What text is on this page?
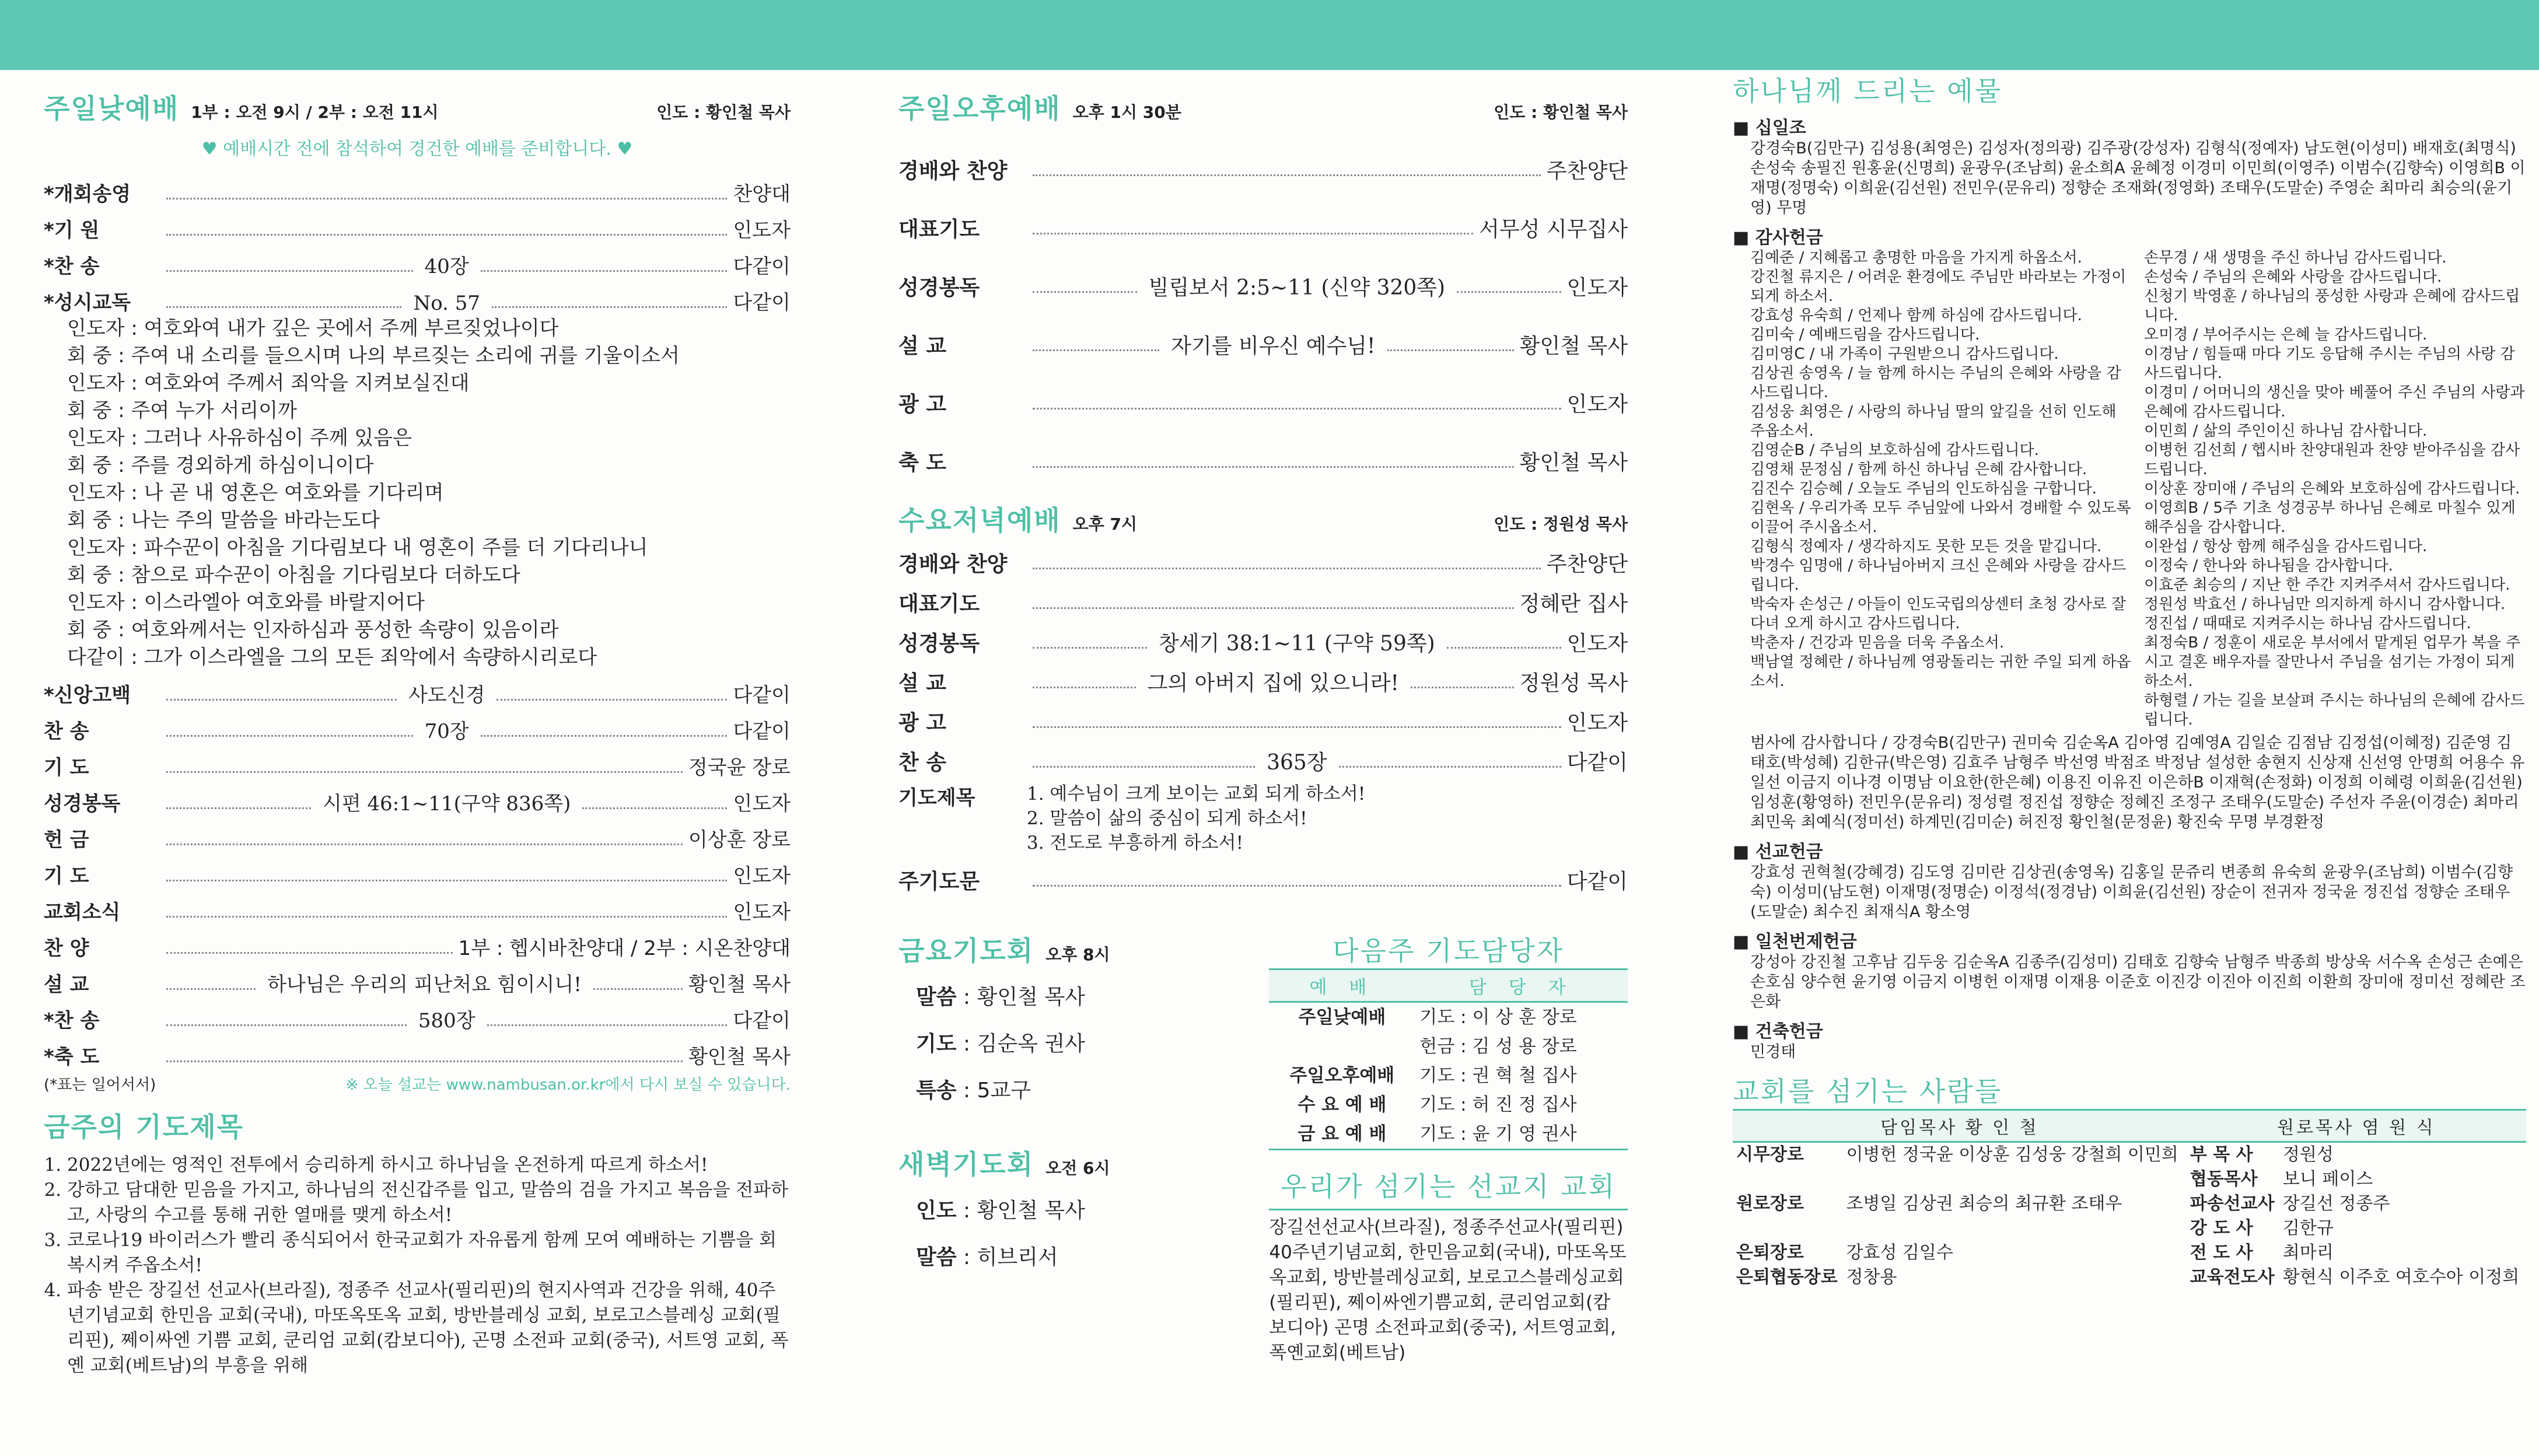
주일낮예배 1부 : 오전 9시 / 2부 : 오전 11시	인도 : 황인철 목사
♥ 예배시간 전에 참석하여 경건한 예배를 준비합니다. ♥
*개회송영	찬양대
*기 원	인도자
*찬 송	40장	다같이
*성시교독	No. 57	다같이
인도자 : 여호와여 내가 깊은 곳에서 주께 부르짖었나이다
회 중 : 주여 내 소리를 들으시며 나의 부르짖는 소리에 귀를 기울이소서
인도자 : 여호와여 주께서 죄악을 지켜보실진대
회 중 : 주여 누가 서리이까
인도자 : 그러나 사유하심이 주께 있음은
회 중 : 주를 경외하게 하심이니이다
인도자 : 나 곧 내 영혼은 여호와를 기다리며
회 중 : 나는 주의 말씀을 바라는도다
인도자 : 파수꾼이 아침을 기다림보다 내 영혼이 주를 더 기다리나니
회 중 : 참으로 파수꾼이 아침을 기다림보다 더하도다
인도자 : 이스라엘아 여호와를 바랄지어다
회 중 : 여호와께서는 인자하심과 풍성한 속량이 있음이라
다같이 : 그가 이스라엘을 그의 모든 죄악에서 속량하시리로다
*신앙고백	사도신경	다같이
찬 송	70장	다같이
기 도	정국윤 장로
성경봉독	시편 46:1~11(구약 836쪽)	인도자
헌 금	이상훈 장로
기 도	인도자
교회소식	인도자
찬 양	1부 : 헵시바찬양대 / 2부 : 시온찬양대
설 교	하나님은 우리의 피난처요 힘이시니!	황인철 목사
*찬 송	580장	다같이
*축 도	황인철 목사
(*표는 일어서서)	※ 오늘 설교는 www.nambusan.or.kr에서 다시 보실 수 있습니다.
금주의 기도제목
1. 2022년에는 영적인 전투에서 승리하게 하시고 하나님을 온전하게 따르게 하소서!
2. 강하고 담대한 믿음을 가지고, 하나님의 전신갑주를 입고, 말씀의 검을 가지고 복음을 전파하고, 사랑의 수고를 통해 귀한 열매를 맺게 하소서!
3. 코로나19 바이러스가 빨리 종식되어서 한국교회가 자유롭게 함께 모여 예배하는 기쁨을 회복시켜 주옵소서!
4. 파송 받은 장길선 선교사(브라질), 정종주 선교사(필리핀)의 현지사역과 건강을 위해, 40주년기념교회 한민음 교회(국내), 마또옥또옥 교회, 방반블레싱 교회, 보로고스블레싱 교회(필리핀), 쩨이싸엔 기쁨 교회, 쿤리엄 교회(캄보디아), 곤명 소전파 교회(중국), 서트영 교회, 폭옌 교회(베트남)의 부흥을 위해
주일오후예배 오후 1시 30분	인도 : 황인철 목사
경배와 찬양	주찬양단
대표기도	서무성 시무집사
성경봉독	빌립보서 2:5~11 (신약 320쪽)	인도자
설 교	자기를 비우신 예수님!	황인철 목사
광 고	인도자
축 도	황인철 목사
수요저녁예배 오후 7시	인도 : 정원성 목사
경배와 찬양	주찬양단
대표기도	정혜란 집사
성경봉독	창세기 38:1~11 (구약 59쪽)	인도자
설 교	그의 아버지 집에 있으니라!	정원성 목사
광 고	인도자
찬 송	365장	다같이
기도제목	1. 예수님이 크게 보이는 교회 되게 하소서!
2. 말씀이 삶의 중심이 되게 하소서!
3. 전도로 부흥하게 하소서!
주기도문	다같이
금요기도회 오후 8시
말씀 : 황인철 목사
기도 : 김순옥 권사
특송 : 5교구
새벽기도회 오전 6시
인도 : 황인철 목사
말씀 : 히브리서
다음주 기도담당자
예 배	담 당 자
주일낮예배	기도 : 이 상 훈 장로
	헌금 : 김 성 용 장로
주일오후예배	기도 : 권 혁 철 집사
수 요 예 배	기도 : 허 진 정 집사
금 요 예 배	기도 : 윤 기 영 권사
우리가 섬기는 선교지 교회
장길선선교사(브라질), 정종주선교사(필리핀) 40주년기념교회, 한민음교회(국내), 마또옥또옥교회, 방반블레싱교회, 보로고스블레싱교회(필리핀), 쩨이싸엔기쁨교회, 쿤리엄교회(캄보디아) 곤명 소전파교회(중국), 서트영교회, 폭옌교회(베트남)
하나님께 드리는 예물
■ 십일조
강경숙B(김만구) 김성용(최영은) 김성자(정의광) 김주광(강성자) 김형식(정예자) 남도현(이성미) 배재호(최명식) 손성숙 송필진 원홍윤(신명희) 윤광우(조남희) 윤소희A 윤혜정 이경미 이민희(이영주) 이범수(김향숙) 이영희B 이재명(정명숙) 이희윤(김선원) 전민우(문유리) 정향순 조재화(정영화) 조태우(도말순) 주영순 최마리 최승의(윤기영) 무명
■ 감사헌금
김예준 / 지혜롭고 총명한 마음을 가지게 하옵소서.
강진철 류지은 / 어려운 환경에도 주님만 바라보는 가정이 되게 하소서.
강효성 유숙희 / 언제나 함께 하심에 감사드립니다.
김미숙 / 예배드림을 감사드립니다.
김미영C / 내 가족이 구원받으니 감사드립니다.
김상권 송영옥 / 늘 함께 하시는 주님의 은혜와 사랑을 감사드립니다.
김성웅 최영은 / 사랑의 하나님 딸의 앞길을 선히 인도해 주옵소서.
김영순B / 주님의 보호하심에 감사드립니다.
김영채 문정심 / 함께 하신 하나님 은혜 감사합니다.
김진수 김승혜 / 오늘도 주님의 인도하심을 구합니다.
김현옥 / 우리가족 모두 주님앞에 나와서 경배할 수 있도록 이끌어 주시옵소서.
김형식 정예자 / 생각하지도 못한 모든 것을 맡깁니다.
박경수 임명애 / 하나님아버지 크신 은혜와 사랑을 감사드립니다.
박숙자 손성근 / 아들이 인도국립의상센터 초청 강사로 잘다녀 오게 하시고 감사드립니다.
박춘자 / 건강과 믿음을 더욱 주옵소서.
백남열 정혜란 / 하나님께 영광돌리는 귀한 주일 되게 하옵소서.
손무경 / 새 생명을 주신 하나님 감사드립니다.
손성숙 / 주님의 은혜와 사랑을 감사드립니다.
신청기 박영훈 / 하나님의 풍성한 사랑과 은혜에 감사드립니다.
오미경 / 부어주시는 은혜 늘 감사드립니다.
이경남 / 힘들때 마다 기도 응답해 주시는 주님의 사랑 감사드립니다.
이경미 / 어머니의 생신을 맞아 베풀어 주신 주님의 사랑과 은혜에 감사드립니다.
이민희 / 삶의 주인이신 하나님 감사합니다.
이병헌 김선희 / 헵시바 찬양대원과 찬양 받아주심을 감사드립니다.
이상훈 장미애 / 주님의 은혜와 보호하심에 감사드립니다.
이영희B / 5주 기초 성경공부 하나님 은혜로 마칠수 있게 해주심을 감사합니다.
이완섭 / 항상 함께 해주심을 감사드립니다.
이정숙 / 한나와 하나됨을 감사합니다.
이효준 최승의 / 지난 한 주간 지켜주셔서 감사드립니다.
정원성 박효선 / 하나님만 의지하게 하시니 감사합니다.
정진섭 / 때때로 지켜주시는 하나님 감사드립니다.
최정숙B / 정훈이 새로운 부서에서 맡게된 업무가 복을 주시고 결혼 배우자를 잘만나서 주님을 섬기는 가정이 되게 하소서.
하형렬 / 가는 길을 보살펴 주시는 하나님의 은혜에 감사드립니다.
범사에 감사합니다 / 강경숙B(김만구) 권미숙 김순옥A 김아영 김예영A 김일순 김점남 김정섭(이혜정) 김준영 김태호(박성혜) 김한규(박은영) 김효주 남형주 박선영 박점조 박정남 설성한 송현지 신상재 신선영 안명희 어용수 유일선 이금지 이나경 이명남 이요한(한은혜) 이용진 이유진 이은하B 이재혁(손정화) 이정희 이혜령 이희윤(김선원) 임성훈(황영하) 전민우(문유리) 정성렬 정진섭 정향순 정혜진 조정구 조태우(도말순) 주선자 주윤(이경순) 최마리 최민욱 최예식(정미선) 하계민(김미순) 허진정 황인철(문정윤) 황진숙 무명 부경환정
■ 선교헌금
강효성 권혁철(강혜경) 김도영 김미란 김상권(송영옥) 김홍일 문쥬리 변종희 유숙희 윤광우(조남희) 이범수(김향숙) 이성미(남도현) 이재명(정명순) 이정석(정경남) 이희윤(김선원) 장순이 전귀자 정국윤 정진섭 정향순 조태우(도말순) 최수진 최재식A 황소영
■ 일천번제헌금
강성아 강진철 고후남 김두웅 김순옥A 김종주(김성미) 김태호 김향숙 남형주 박종희 방상욱 서수옥 손성근 손예은 손호심 양수현 윤기영 이금지 이병헌 이재명 이재용 이준호 이진강 이진아 이진희 이환희 장미애 정미선 정혜란 조은화
■ 건축헌금
민경태
교회를 섬기는 사람들
담임목사 황 인 철		원로목사 염 원 식	
시무장로	이병헌 정국윤 이상훈 김성웅 강철희 이민희	부 목 사	정원성
		협동목사	보니 페이스
원로장로	조병일 김상권 최승의 최규환 조태우	파송선교사	장길선 정종주
		강 도 사	김한규
은퇴장로	강효성 김일수	전 도 사	최마리
은퇴협동장로	정창용	교육전도사	황현식 이주호 여호수아 이정희
